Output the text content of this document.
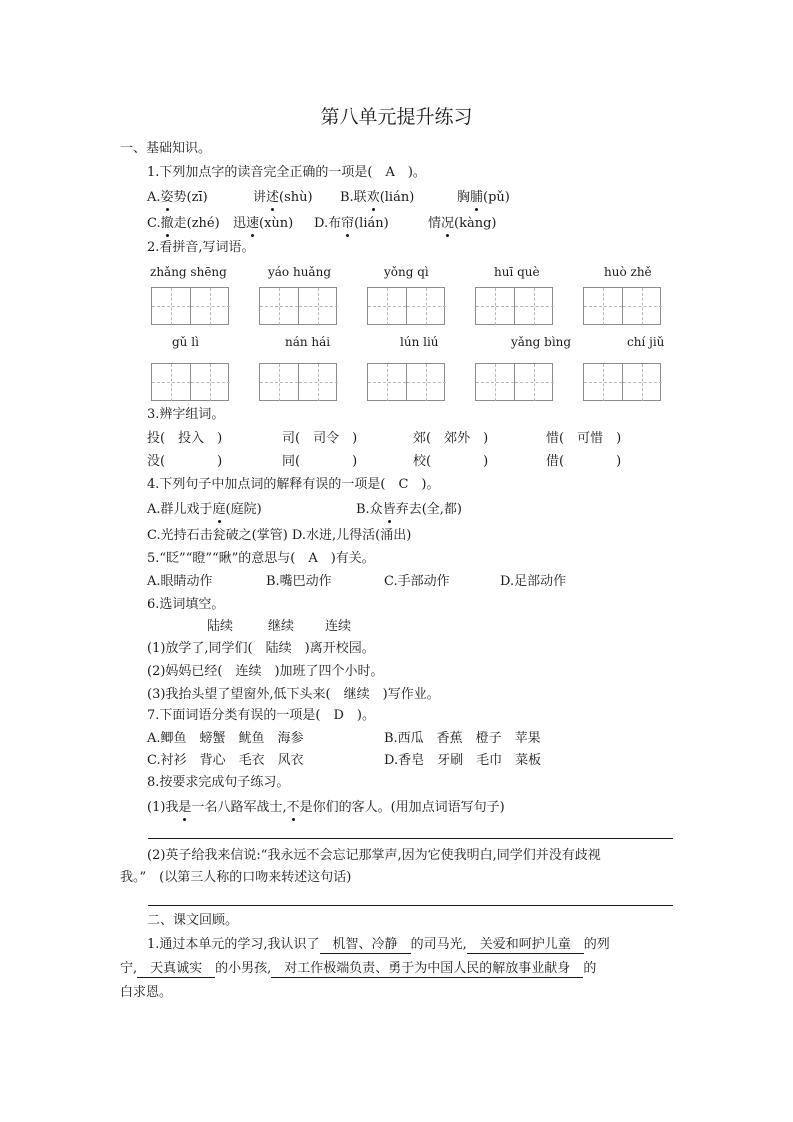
第八单元提升练习
一、基础知识。
1.下列加点字的读音完全正确的一项是(　A　)。
A.姿势(zī)	讲述(shù) B.联欢(lián)	胸脯(pǔ)
C.撤走(zhé) 迅速(xùn) D.布帘(lián)	情况(kàng)
2.看拼音,写词语。
zhǎng shēng	yáo huǎng	yǒng qì	huī què	huò zhě
gǔ lì	nán hái	lún liú	yǎng bìng	chí jiǔ
3.辨字组词。
投(　投入　)	司(　司令　)	郊(　郊外　)	惜(　可惜　)
没(　　　　)	同(　　　　)	校(　　　　)	借(　　　　)
4.下列句子中加点词的解释有误的一项是(　C　)。
A.群儿戏于庭(庭院)	B.众皆弃去(全,都)
C.光持石击瓮破之(掌管) D.水迸,儿得活(涌出)
5.“眨”“瞪”“瞅”的意思与(　A　)有关。
A.眼睛动作	B.嘴巴动作	C.手部动作	D.足部动作
6.选词填空。
陆续	继续 连续
(1)放学了,同学们(　陆续　)离开校园。
(2)妈妈已经(　连续　)加班了四个小时。
(3)我抬头望了望窗外,低下头来(　继续　)写作业。
7.下面词语分类有误的一项是(　D　)。
A.鲫鱼　螃蟹　鱿鱼　海参	B.西瓜　香蕉　橙子　苹果
C.衬衫　背心　毛衣　风衣	D.香皂　牙刷　毛巾　菜板
8.按要求完成句子练习。
(1)我是一名八路军战士,不是你们的客人。(用加点词语写句子)
(2)英子给我来信说:“我永远不会忘记那掌声,因为它使我明白,同学们并没有歧视
我。”　(以第三人称的口吻来转述这句话)
二、课文回顾。
1.通过本单元的学习,我认识了　机智、冷静　的司马光,　关爱和呵护儿童　的列
宁,　天真诚实　的小男孩,　对工作极端负责、勇于为中国人民的解放事业献身　的
白求恩。
